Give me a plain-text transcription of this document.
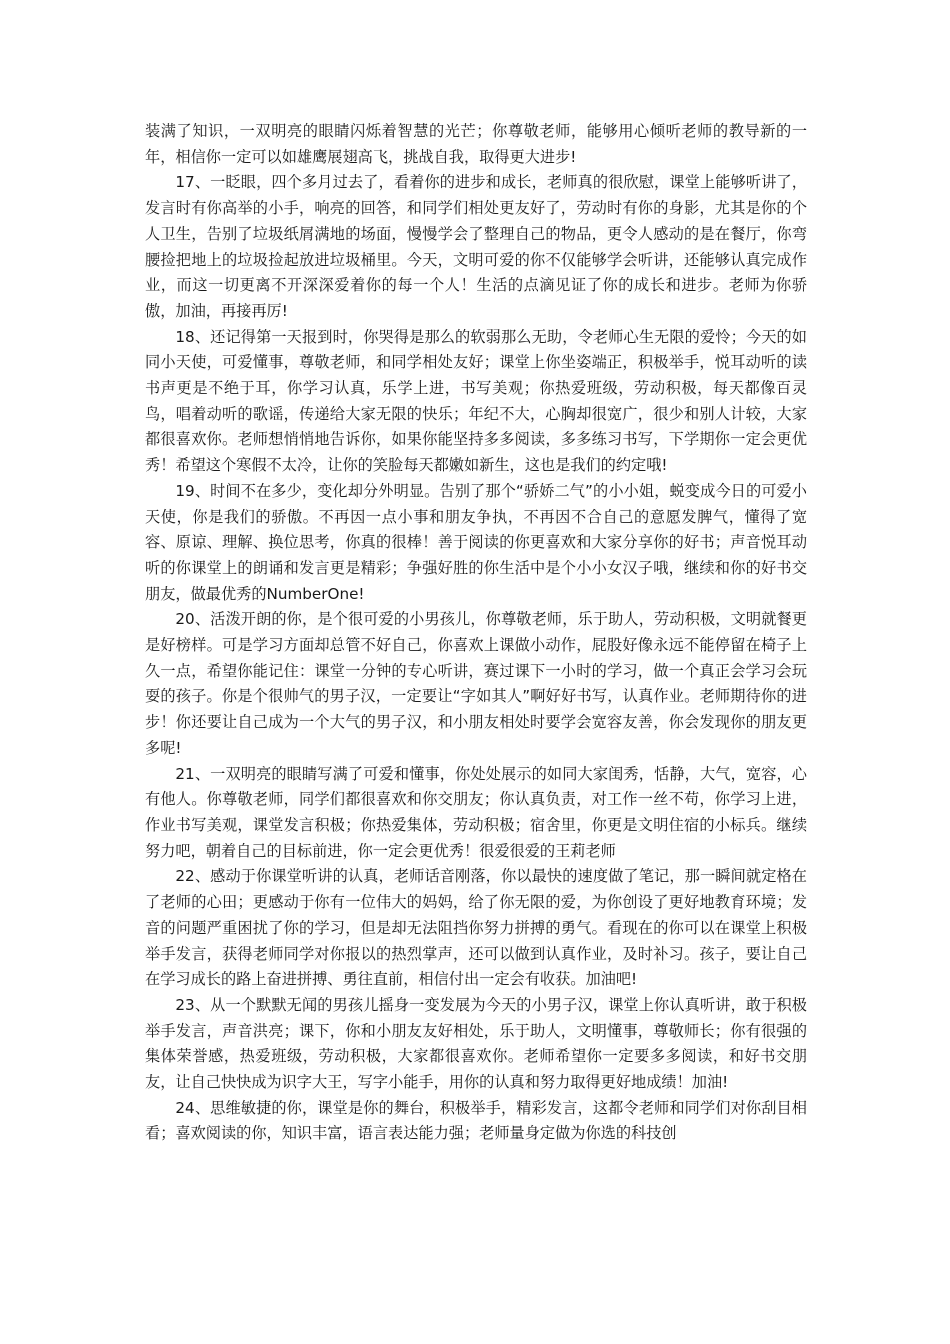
装满了知识，一双明亮的眼睛闪烁着智慧的光芒；你尊敬老师，能够用心倾听老师的教导新的一年，相信你一定可以如雄鹰展翅高飞，挑战自我，取得更大进步!

17、一眨眼，四个多月过去了，看着你的进步和成长，老师真的很欣慰，课堂上能够听讲了，发言时有你高举的小手，响亮的回答，和同学们相处更友好了，劳动时有你的身影，尤其是你的个人卫生，告别了垃圾纸屑满地的场面，慢慢学会了整理自己的物品，更令人感动的是在餐厅，你弯腰捡把地上的垃圾捡起放进垃圾桶里。今天，文明可爱的你不仅能够学会听讲，还能够认真完成作业，而这一切更离不开深深爱着你的每一个人！生活的点滴见证了你的成长和进步。老师为你骄傲，加油，再接再厉!

18、还记得第一天报到时，你哭得是那么的软弱那么无助，令老师心生无限的爱怜；今天的如同小天使，可爱懂事，尊敬老师，和同学相处友好；课堂上你坐姿端正，积极举手，悦耳动听的读书声更是不绝于耳，你学习认真，乐学上进，书写美观；你热爱班级，劳动积极，每天都像百灵鸟，唱着动听的歌谣，传递给大家无限的快乐；年纪不大，心胸却很宽广，很少和别人计较，大家都很喜欢你。老师想悄悄地告诉你，如果你能坚持多多阅读，多多练习书写，下学期你一定会更优秀！希望这个寒假不太冷，让你的笑脸每天都嫩如新生，这也是我们的约定哦!

19、时间不在多少，变化却分外明显。告别了那个“骄娇二气”的小小姐，蜕变成今日的可爱小天使，你是我们的骄傲。不再因一点小事和朋友争执，不再因不合自己的意愿发脾气，懂得了宽容、原谅、理解、换位思考，你真的很棒！善于阅读的你更喜欢和大家分享你的好书；声音悦耳动听的你课堂上的朗诵和发言更是精彩；争强好胜的你生活中是个小小女汉子哦，继续和你的好书交朋友，做最优秀的NumberOne!

20、活泼开朗的你，是个很可爱的小男孩儿，你尊敬老师，乐于助人，劳动积极，文明就餐更是好榜样。可是学习方面却总管不好自己，你喜欢上课做小动作，屁股好像永远不能停留在椅子上久一点，希望你能记住：课堂一分钟的专心听讲，赛过课下一小时的学习，做一个真正会学习会玩耍的孩子。你是个很帅气的男子汉，一定要让“字如其人”啊好好书写，认真作业。老师期待你的进步！你还要让自己成为一个大气的男子汉，和小朋友相处时要学会宽容友善，你会发现你的朋友更多呢!

21、一双明亮的眼睛写满了可爱和懂事，你处处展示的如同大家闺秀，恬静，大气，宽容，心有他人。你尊敬老师，同学们都很喜欢和你交朋友；你认真负责，对工作一丝不苟，你学习上进，作业书写美观，课堂发言积极；你热爱集体，劳动积极；宿舍里，你更是文明住宿的小标兵。继续努力吧，朝着自己的目标前进，你一定会更优秀！很爱很爱的王莉老师

22、感动于你课堂听讲的认真，老师话音刚落，你以最快的速度做了笔记，那一瞬间就定格在了老师的心田；更感动于你有一位伟大的妈妈，给了你无限的爱，为你创设了更好地教育环境；发音的问题严重困扰了你的学习，但是却无法阻挡你努力拼搏的勇气。看现在的你可以在课堂上积极举手发言，获得老师同学对你报以的热烈掌声，还可以做到认真作业，及时补习。孩子，要让自己在学习成长的路上奋进拼搏、勇往直前，相信付出一定会有收获。加油吧!

23、从一个默默无闻的男孩儿摇身一变发展为今天的小男子汉，课堂上你认真听讲，敢于积极举手发言，声音洪亮；课下，你和小朋友友好相处，乐于助人，文明懂事，尊敬师长；你有很强的集体荣誉感，热爱班级，劳动积极，大家都很喜欢你。老师希望你一定要多多阅读，和好书交朋友，让自己快快成为识字大王，写字小能手，用你的认真和努力取得更好地成绩！加油!

24、思维敏捷的你，课堂是你的舞台，积极举手，精彩发言，这都令老师和同学们对你刮目相看；喜欢阅读的你，知识丰富，语言表达能力强；老师量身定做为你选的科技创
